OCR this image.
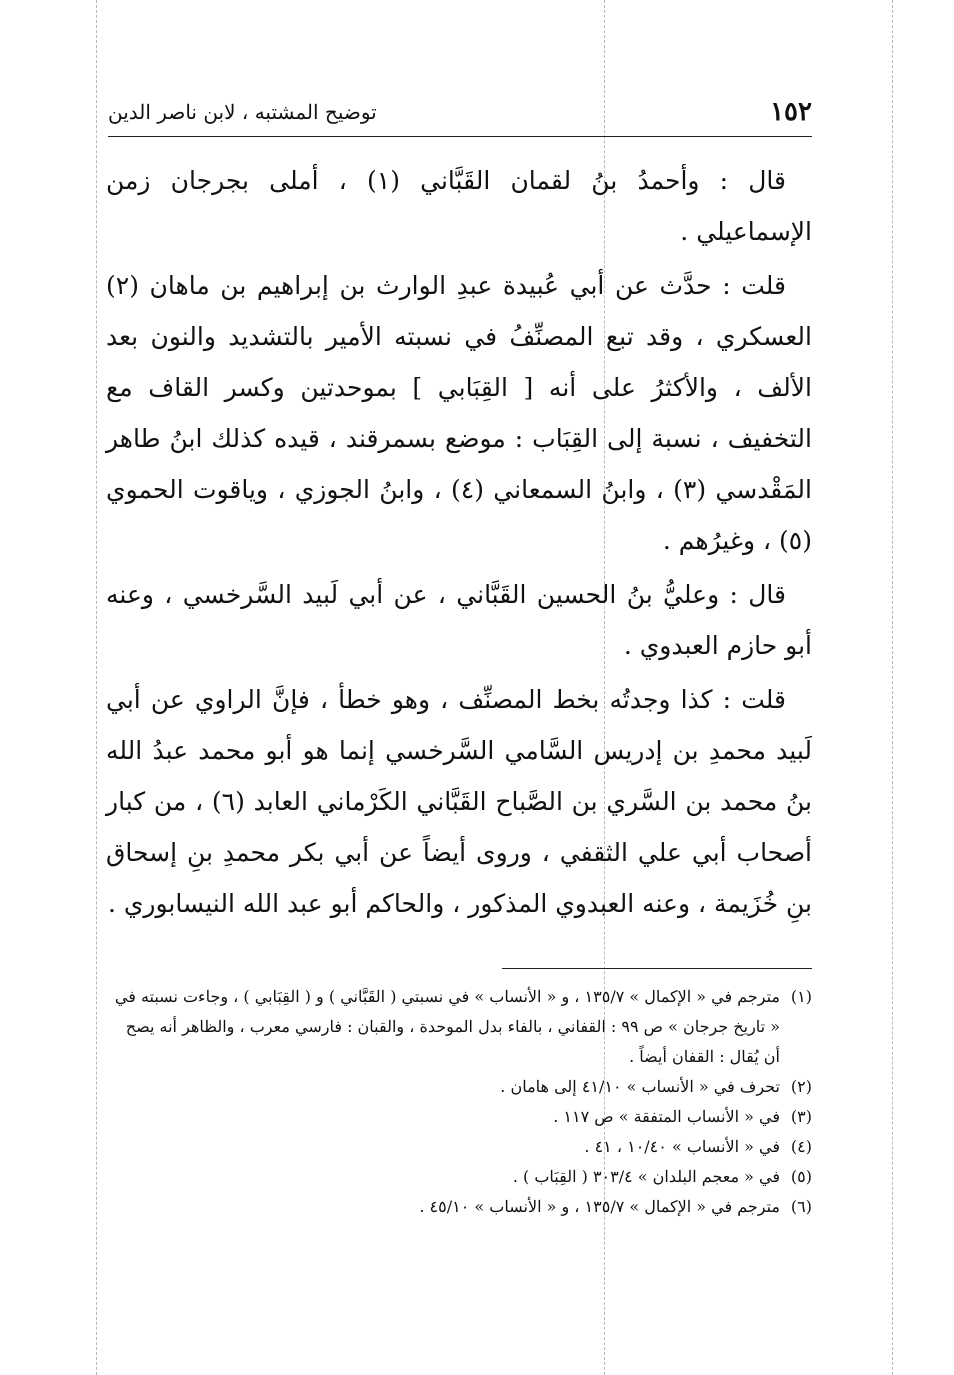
١٥٢
توضيح المشتبه ، لابن ناصر الدين

قال : وأحمدُ بنُ لقمان القَبَّاني (١) ، أملى بجرجان زمن الإسماعيلي .

قلت : حدَّث عن أبي عُبيدة عبدِ الوارث بن إبراهيم بن ماهان (٢) العسكري ، وقد تبع المصنِّفُ في نسبته الأمير بالتشديد والنون بعد الألف ، والأكثرُ على أنه [ القِبَابي ] بموحدتين وكسر القاف مع التخفيف ، نسبة إلى القِبَاب : موضع بسمرقند ، قيده كذلك ابنُ طاهر المَقْدسي (٣) ، وابنُ السمعاني (٤) ، وابنُ الجوزي ، وياقوت الحموي (٥) ، وغيرُهم .

قال : وعليُّ بنُ الحسين القَبَّاني ، عن أبي لَبيد السَّرخسي ، وعنه أبو حازم العبدوي .

قلت : كذا وجدتُه بخط المصنِّف ، وهو خطأ ، فإنَّ الراوي عن أبي لَبيد محمدِ بن إدريس السَّامي السَّرخسي إنما هو أبو محمد عبدُ الله بنُ محمد بن السَّري بن الصَّباح القَبَّاني الكَرْماني العابد (٦) ، من كبار أصحاب أبي علي الثقفي ، وروى أيضاً عن أبي بكر محمدِ بنِ إسحاق بنِ خُزَيمة ، وعنه العبدوي المذكور ، والحاكم أبو عبد الله النيسابوري .

(١)
مترجم في « الإكمال » ١٣٥/٧ ، و « الأنساب » في نسبتي ( القَبَّاني ) و ( القِبَابي ) ، وجاءت نسبته في « تاريخ جرجان » ص ٩٩ : القفاني ، بالفاء بدل الموحدة ، والقبان : فارسي معرب ، والظاهر أنه يصح أن يُقال : القفان أيضاً .
(٢)
تحرف في « الأنساب » ٤١/١٠ إلى هامان .
(٣)
في « الأنساب المتفقة » ص ١١٧ .
(٤)
في « الأنساب » ١٠/٤٠ ، ٤١ .
(٥)
في « معجم البلدان » ٣٠٣/٤ ( القِبَاب ) .
(٦)
مترجم في « الإكمال » ١٣٥/٧ ، و « الأنساب » ٤٥/١٠ .
